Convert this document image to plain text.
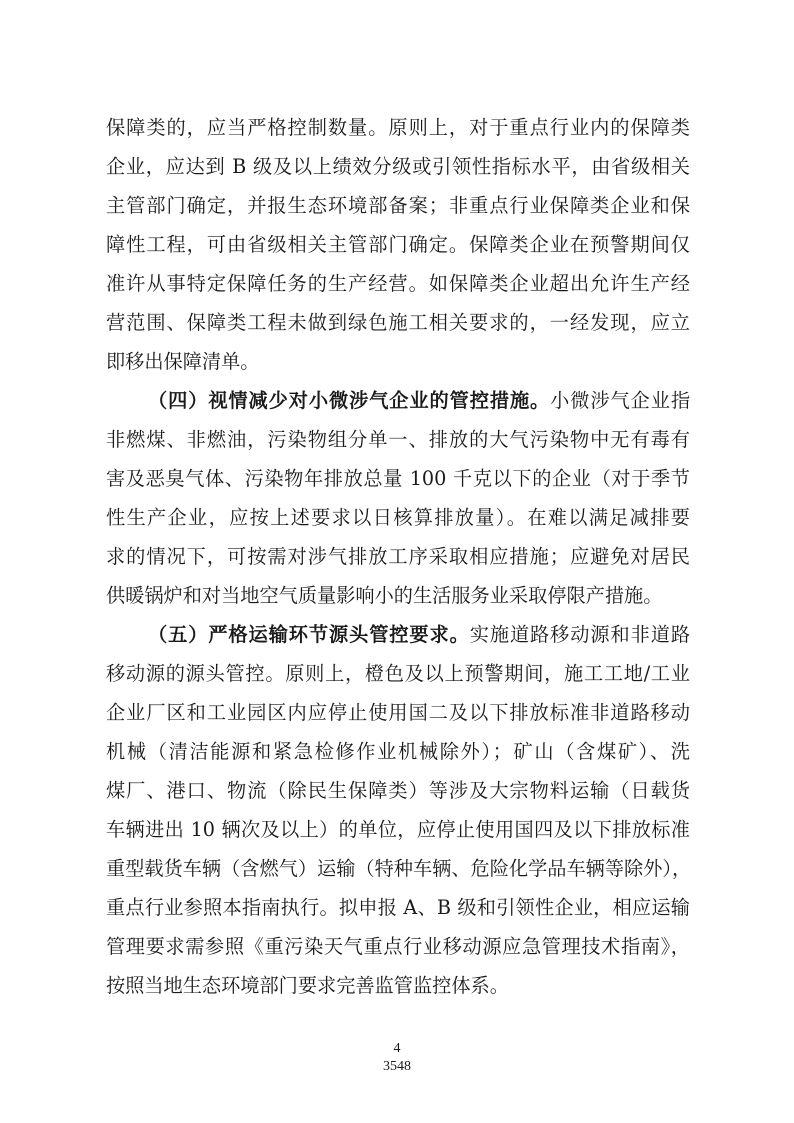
保障类的，应当严格控制数量。原则上，对于重点行业内的保障类
企业，应达到 B 级及以上绩效分级或引领性指标水平，由省级相关
主管部门确定，并报生态环境部备案；非重点行业保障类企业和保
障性工程，可由省级相关主管部门确定。保障类企业在预警期间仅
准许从事特定保障任务的生产经营。如保障类企业超出允许生产经
营范围、保障类工程未做到绿色施工相关要求的，一经发现，应立
即移出保障清单。
（四）视情减少对小微涉气企业的管控措施。小微涉气企业指
非燃煤、非燃油，污染物组分单一、排放的大气污染物中无有毒有
害及恶臭气体、污染物年排放总量 100 千克以下的企业（对于季节
性生产企业，应按上述要求以日核算排放量）。在难以满足减排要
求的情况下，可按需对涉气排放工序采取相应措施；应避免对居民
供暖锅炉和对当地空气质量影响小的生活服务业采取停限产措施。
（五）严格运输环节源头管控要求。实施道路移动源和非道路
移动源的源头管控。原则上，橙色及以上预警期间，施工工地/工业
企业厂区和工业园区内应停止使用国二及以下排放标准非道路移动
机械（清洁能源和紧急检修作业机械除外）；矿山（含煤矿）、洗
煤厂、港口、物流（除民生保障类）等涉及大宗物料运输（日载货
车辆进出 10 辆次及以上）的单位，应停止使用国四及以下排放标准
重型载货车辆（含燃气）运输（特种车辆、危险化学品车辆等除外），
重点行业参照本指南执行。拟申报 A、B 级和引领性企业，相应运输
管理要求需参照《重污染天气重点行业移动源应急管理技术指南》，
按照当地生态环境部门要求完善监管监控体系。
4
3548
